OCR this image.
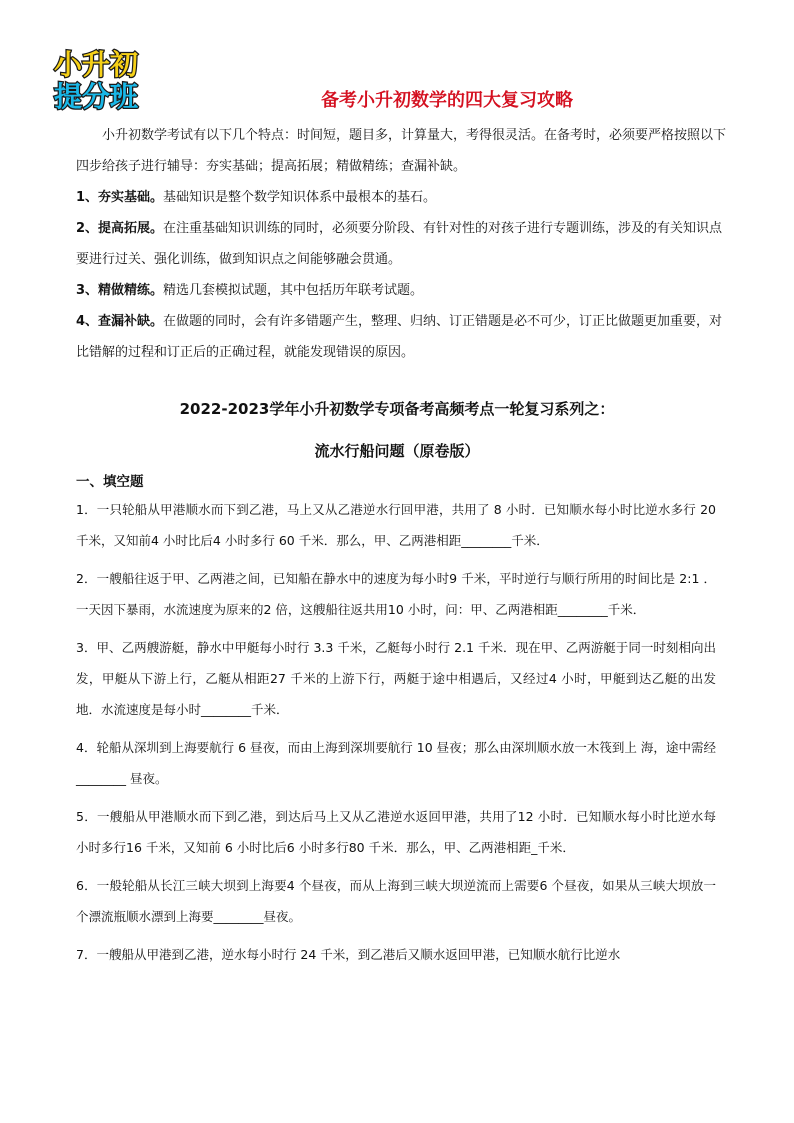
小升初
提分班	备考小升初数学的四大复习攻略

小升初数学考试有以下几个特点：时间短，题目多，计算量大，考得很灵活。在备考时，必须要严格按照以下四步给孩子进行辅导：夯实基础；提高拓展；精做精练；查漏补缺。

1、夯实基础。基础知识是整个数学知识体系中最根本的基石。

2、提高拓展。在注重基础知识训练的同时，必须要分阶段、有针对性的对孩子进行专题训练，涉及的有关知识点要进行过关、强化训练，做到知识点之间能够融会贯通。

3、精做精练。精选几套模拟试题，其中包括历年联考试题。

4、查漏补缺。在做题的同时，会有许多错题产生，整理、归纳、订正错题是必不可少，订正比做题更加重要，对比错解的过程和订正后的正确过程，就能发现错误的原因。

2022-2023学年小升初数学专项备考高频考点一轮复习系列之：
流水行船问题（原卷版）

一、填空题

1．一只轮船从甲港顺水而下到乙港，马上又从乙港逆水行回甲港，共用了 8 小时．已知顺水每小时比逆水多行 20 千米，又知前4 小时比后4 小时多行 60 千米．那么，甲、乙两港相距________千米．

2．一艘船往返于甲、乙两港之间，已知船在静水中的速度为每小时9 千米，平时逆行与顺行所用的时间比是 2:1 ．一天因下暴雨，水流速度为原来的2 倍，这艘船往返共用10 小时，问：甲、乙两港相距________千米．

3．甲、乙两艘游艇，静水中甲艇每小时行 3.3 千米，乙艇每小时行 2.1 千米．现在甲、乙两游艇于同一时刻相向出发，甲艇从下游上行，乙艇从相距27 千米的上游下行，两艇于途中相遇后，又经过4 小时，甲艇到达乙艇的出发地．水流速度是每小时________千米．

4．轮船从深圳到上海要航行 6 昼夜，而由上海到深圳要航行 10 昼夜；那么由深圳顺水放一木筏到上 海，途中需经 ________ 昼夜。

5．一艘船从甲港顺水而下到乙港，到达后马上又从乙港逆水返回甲港，共用了12 小时．已知顺水每小时比逆水每小时多行16 千米，又知前 6 小时比后6 小时多行80 千米．那么，甲、乙两港相距_千米．

6．一般轮船从长江三峡大坝到上海要4 个昼夜，而从上海到三峡大坝逆流而上需要6 个昼夜，如果从三峡大坝放一个漂流瓶顺水漂到上海要________昼夜。

7．一艘船从甲港到乙港，逆水每小时行 24 千米，到乙港后又顺水返回甲港，已知顺水航行比逆水
